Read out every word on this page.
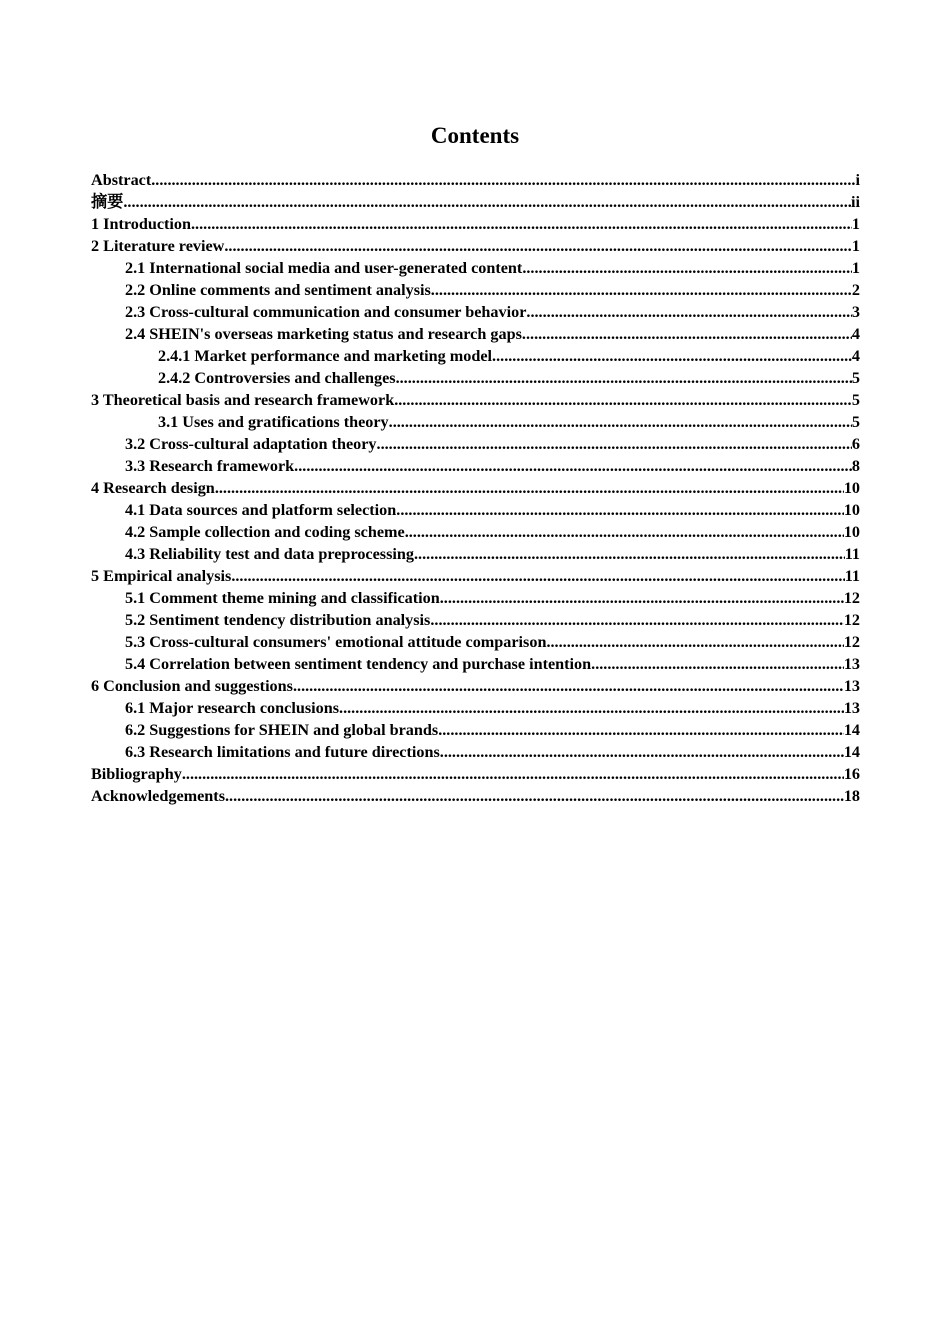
Contents
Abstract .....	i
摘要 .....	ii
1 Introduction .....	1
2 Literature review .....	1
2.1 International social media and user-generated content .....	1
2.2 Online comments and sentiment analysis .....	2
2.3 Cross-cultural communication and consumer behavior .....	3
2.4 SHEIN's overseas marketing status and research gaps .....	4
2.4.1 Market performance and marketing model .....	4
2.4.2 Controversies and challenges .....	5
3 Theoretical basis and research framework .....	5
3.1 Uses and gratifications theory .....	5
3.2 Cross-cultural adaptation theory .....	6
3.3 Research framework .....	8
4 Research design .....	10
4.1 Data sources and platform selection .....	10
4.2 Sample collection and coding scheme .....	10
4.3 Reliability test and data preprocessing .....	11
5 Empirical analysis .....	11
5.1 Comment theme mining and classification .....	12
5.2 Sentiment tendency distribution analysis .....	12
5.3 Cross-cultural consumers' emotional attitude comparison .....	12
5.4 Correlation between sentiment tendency and purchase intention .....	13
6 Conclusion and suggestions .....	13
6.1 Major research conclusions .....	13
6.2 Suggestions for SHEIN and global brands .....	14
6.3 Research limitations and future directions .....	14
Bibliography .....	16
Acknowledgements .....	18
